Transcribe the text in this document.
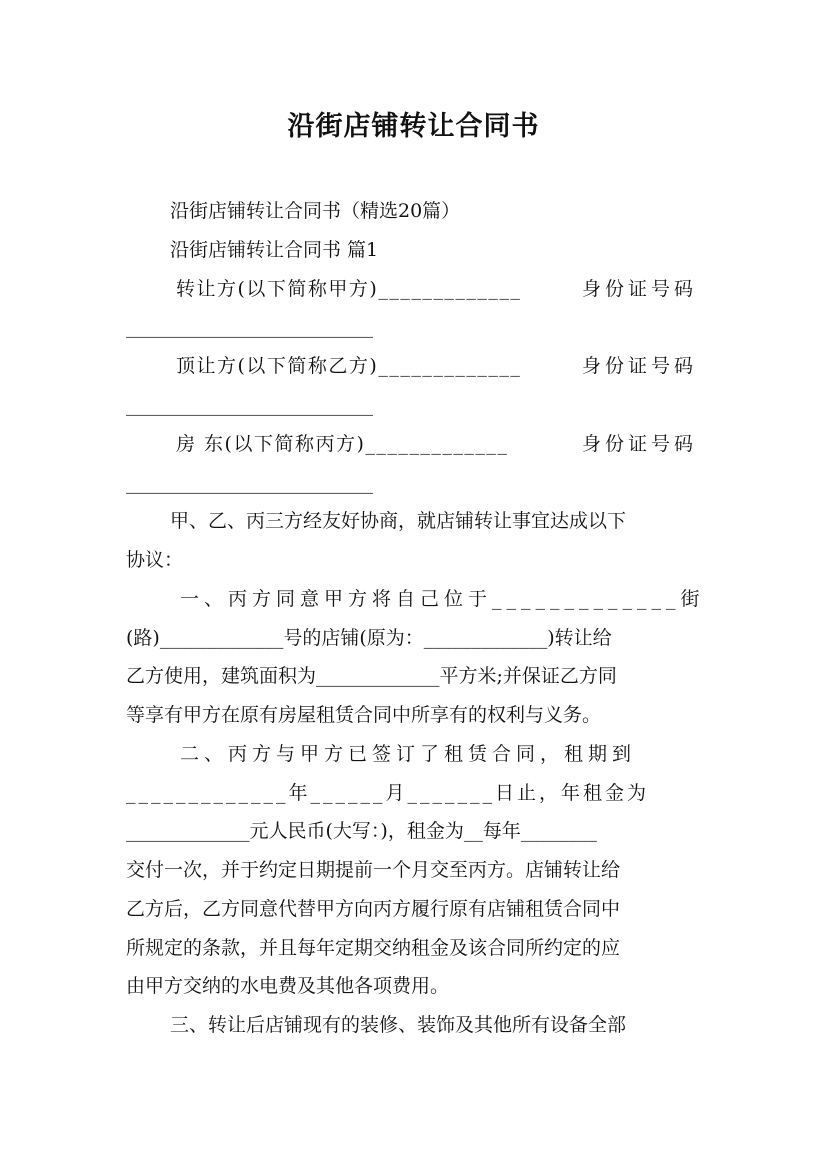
沿街店铺转让合同书
沿街店铺转让合同书（精选20篇）
沿街店铺转让合同书 篇1
转让方(以下简称甲方)_____________	身份证号码
__________________________
顶让方(以下简称乙方)_____________	身份证号码
__________________________
房 东(以下简称丙方)_____________	身份证号码
__________________________
甲、乙、丙三方经友好协商，就店铺转让事宜达成以下
协议：
一、丙方同意甲方将自己位于_____________街
(路)_____________号的店铺(原为：_____________)转让给
乙方使用，建筑面积为_____________平方米;并保证乙方同
等享有甲方在原有房屋租赁合同中所享有的权利与义务。
二、丙方与甲方已签订了租赁合同，租期到
_____________年______月_______日止，年租金为
_____________元人民币(大写：)，租金为__每年________
交付一次，并于约定日期提前一个月交至丙方。店铺转让给
乙方后，乙方同意代替甲方向丙方履行原有店铺租赁合同中
所规定的条款，并且每年定期交纳租金及该合同所约定的应
由甲方交纳的水电费及其他各项费用。
三、转让后店铺现有的装修、装饰及其他所有设备全部
